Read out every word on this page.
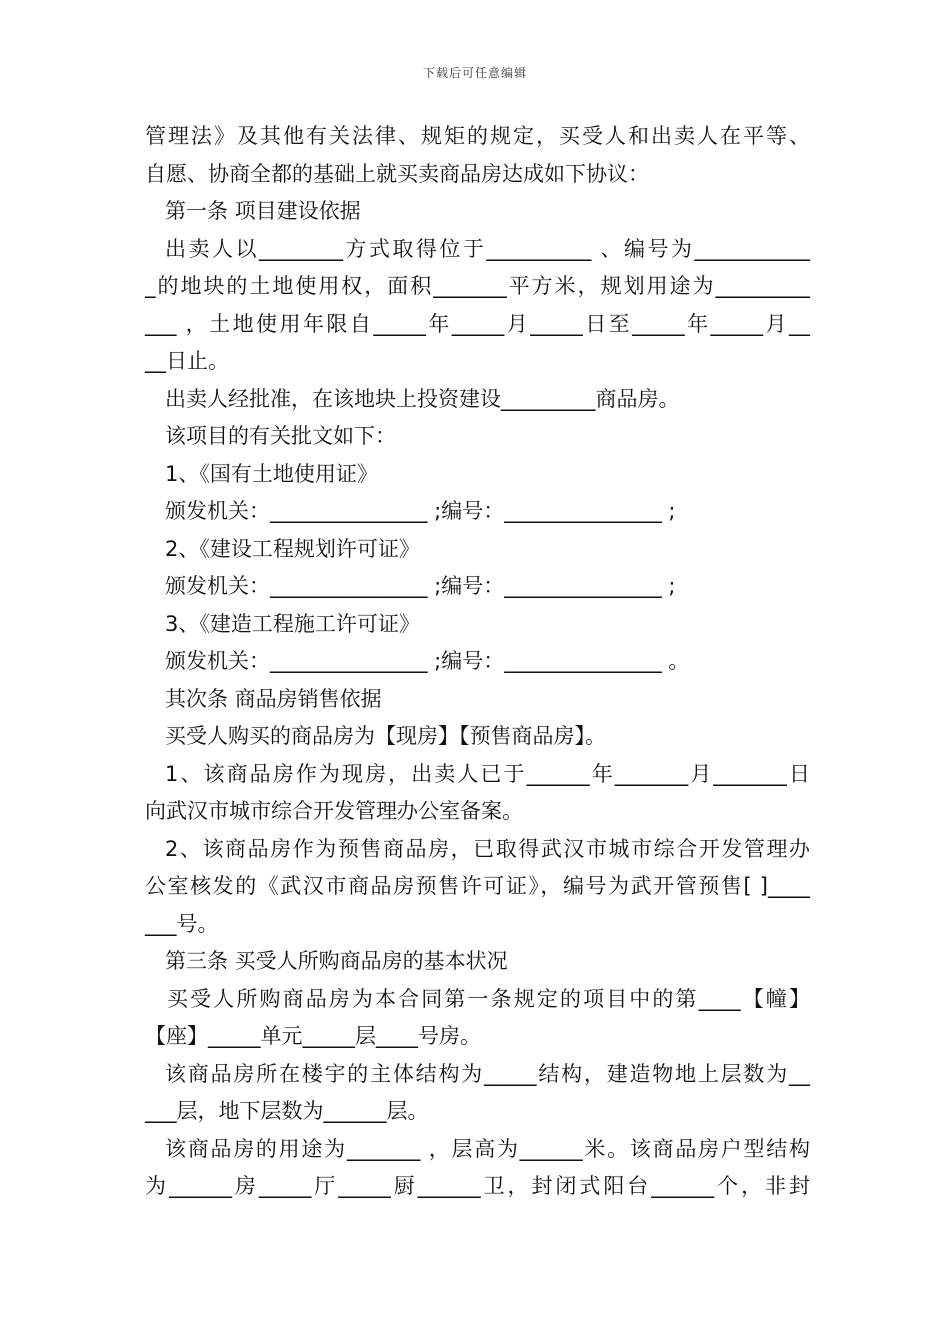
下载后可任意编辑
管理法》及其他有关法律、规矩的规定，买受人和出卖人在平等、
自愿、协商全都的基础上就买卖商品房达成如下协议：
第一条 项目建设依据
出卖人以________方式取得位于__________ 、编号为___________
_的地块的土地使用权，面积_______平方米，规划用途为_________
___ ，土地使用年限自_____年_____月_____日至_____年_____月__
__日止。
出卖人经批准，在该地块上投资建设_________商品房。
该项目的有关批文如下：
1、《国有土地使用证》
颁发机关：_______________ ;编号：_______________ ;
2、《建设工程规划许可证》
颁发机关：_______________ ;编号：_______________ ;
3、《建造工程施工许可证》
颁发机关：_______________ ;编号：_______________ 。
其次条 商品房销售依据
买受人购买的商品房为【现房】【预售商品房】。
1、该商品房作为现房，出卖人已于______年_______月_______日
向武汉市城市综合开发管理办公室备案。
2、该商品房作为预售商品房，已取得武汉市城市综合开发管理办
公室核发的《武汉市商品房预售许可证》，编号为武开管预售[ ]____
___号。
第三条 买受人所购商品房的基本状况
买受人所购商品房为本合同第一条规定的项目中的第____【幢】
【座】_____单元_____层____号房。
该商品房所在楼宇的主体结构为_____结构，建造物地上层数为__
___层，地下层数为______层。
该商品房的用途为_______ ，层高为______米。该商品房户型结构
为______房_____厅_____厨______卫，封闭式阳台______个，非封
